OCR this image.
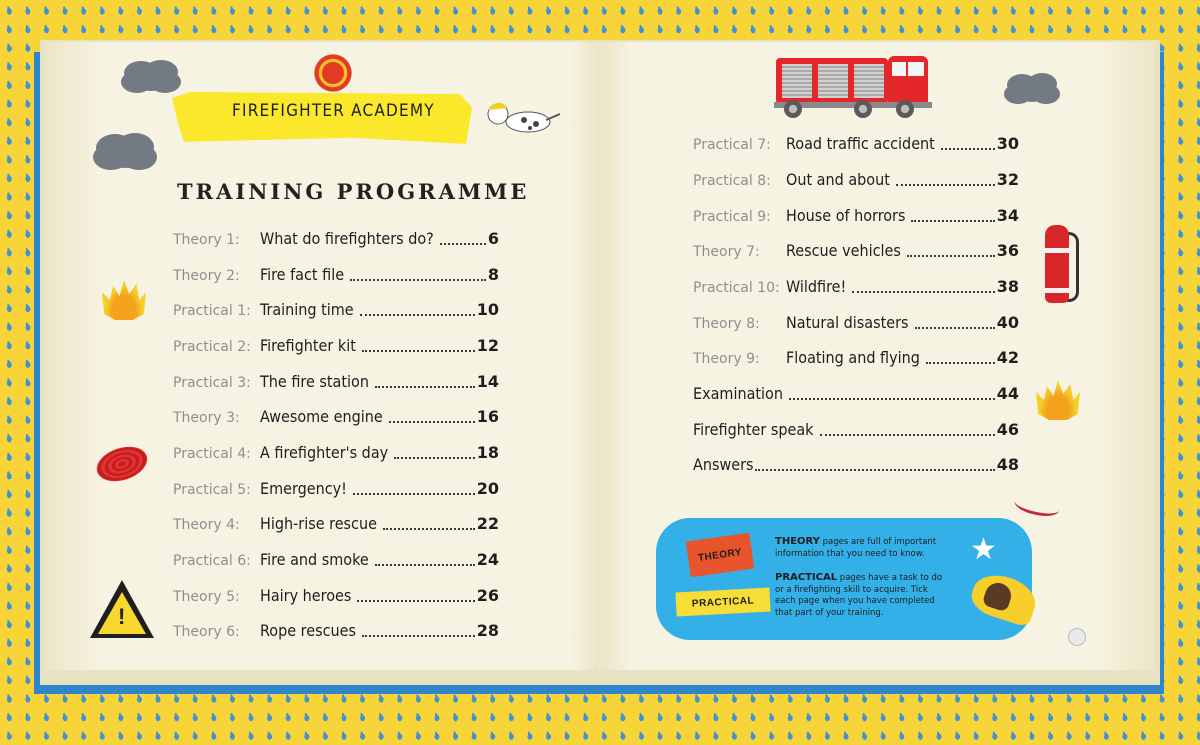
FIREFIGHTER ACADEMY
TRAINING PROGRAMME
!
Theory 1:	What do firefighters do?	6
Theory 2:	Fire fact file	8
Practical 1: Training time	10
Practical 2: Firefighter kit	12
Practical 3: The fire station	14
Theory 3:	Awesome engine	16
Practical 4: A firefighter's day	18
Practical 5: Emergency!	20
Theory 4:	High-rise rescue	22
Practical 6: Fire and smoke	24
Theory 5:	Hairy heroes	26
Theory 6:	Rope rescues	28
Practical 7: Road traffic accident	30
Practical 8: Out and about	32
Practical 9: House of horrors	34
Theory 7:	Rescue vehicles	36
Practical 10: Wildfire!	38
Theory 8:	Natural disasters	40
Theory 9:	Floating and flying	42
Examination	44
Firefighter speak	46
Answers	48
THEORY
PRACTICAL
THEORY pages are full of important information that you need to know.
PRACTICAL pages have a task to do or a firefighting skill to acquire. Tick each page when you have completed that part of your training.
★
